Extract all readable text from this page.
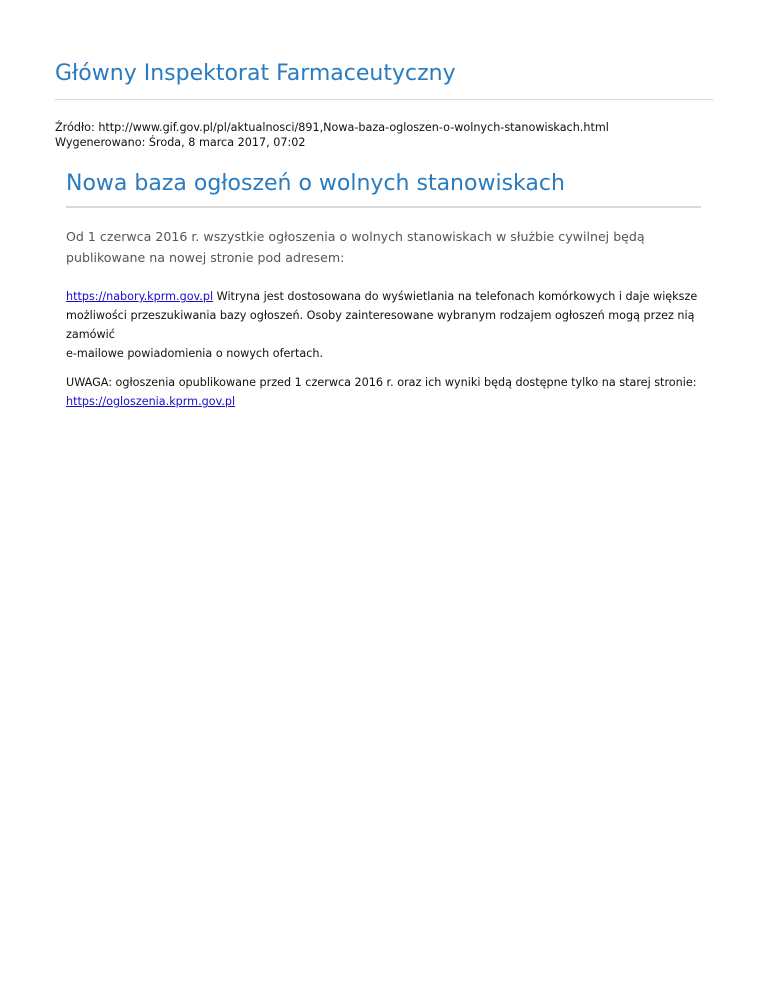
Główny Inspektorat Farmaceutyczny
Źródło: http://www.gif.gov.pl/pl/aktualnosci/891,Nowa-baza-ogloszen-o-wolnych-stanowiskach.html
Wygenerowano: Środa, 8 marca 2017, 07:02
Nowa baza ogłoszeń o wolnych stanowiskach

Od 1 czerwca 2016 r. wszystkie ogłoszenia o wolnych stanowiskach w służbie cywilnej będą
publikowane na nowej stronie pod adresem:

https://nabory.kprm.gov.pl Witryna jest dostosowana do wyświetlania na telefonach komórkowych i daje większe
możliwości przeszukiwania bazy ogłoszeń. Osoby zainteresowane wybranym rodzajem ogłoszeń mogą przez nią
zamówić
e-mailowe powiadomienia o nowych ofertach.

UWAGA: ogłoszenia opublikowane przed 1 czerwca 2016 r. oraz ich wyniki będą dostępne tylko na starej stronie:
https://ogloszenia.kprm.gov.pl
